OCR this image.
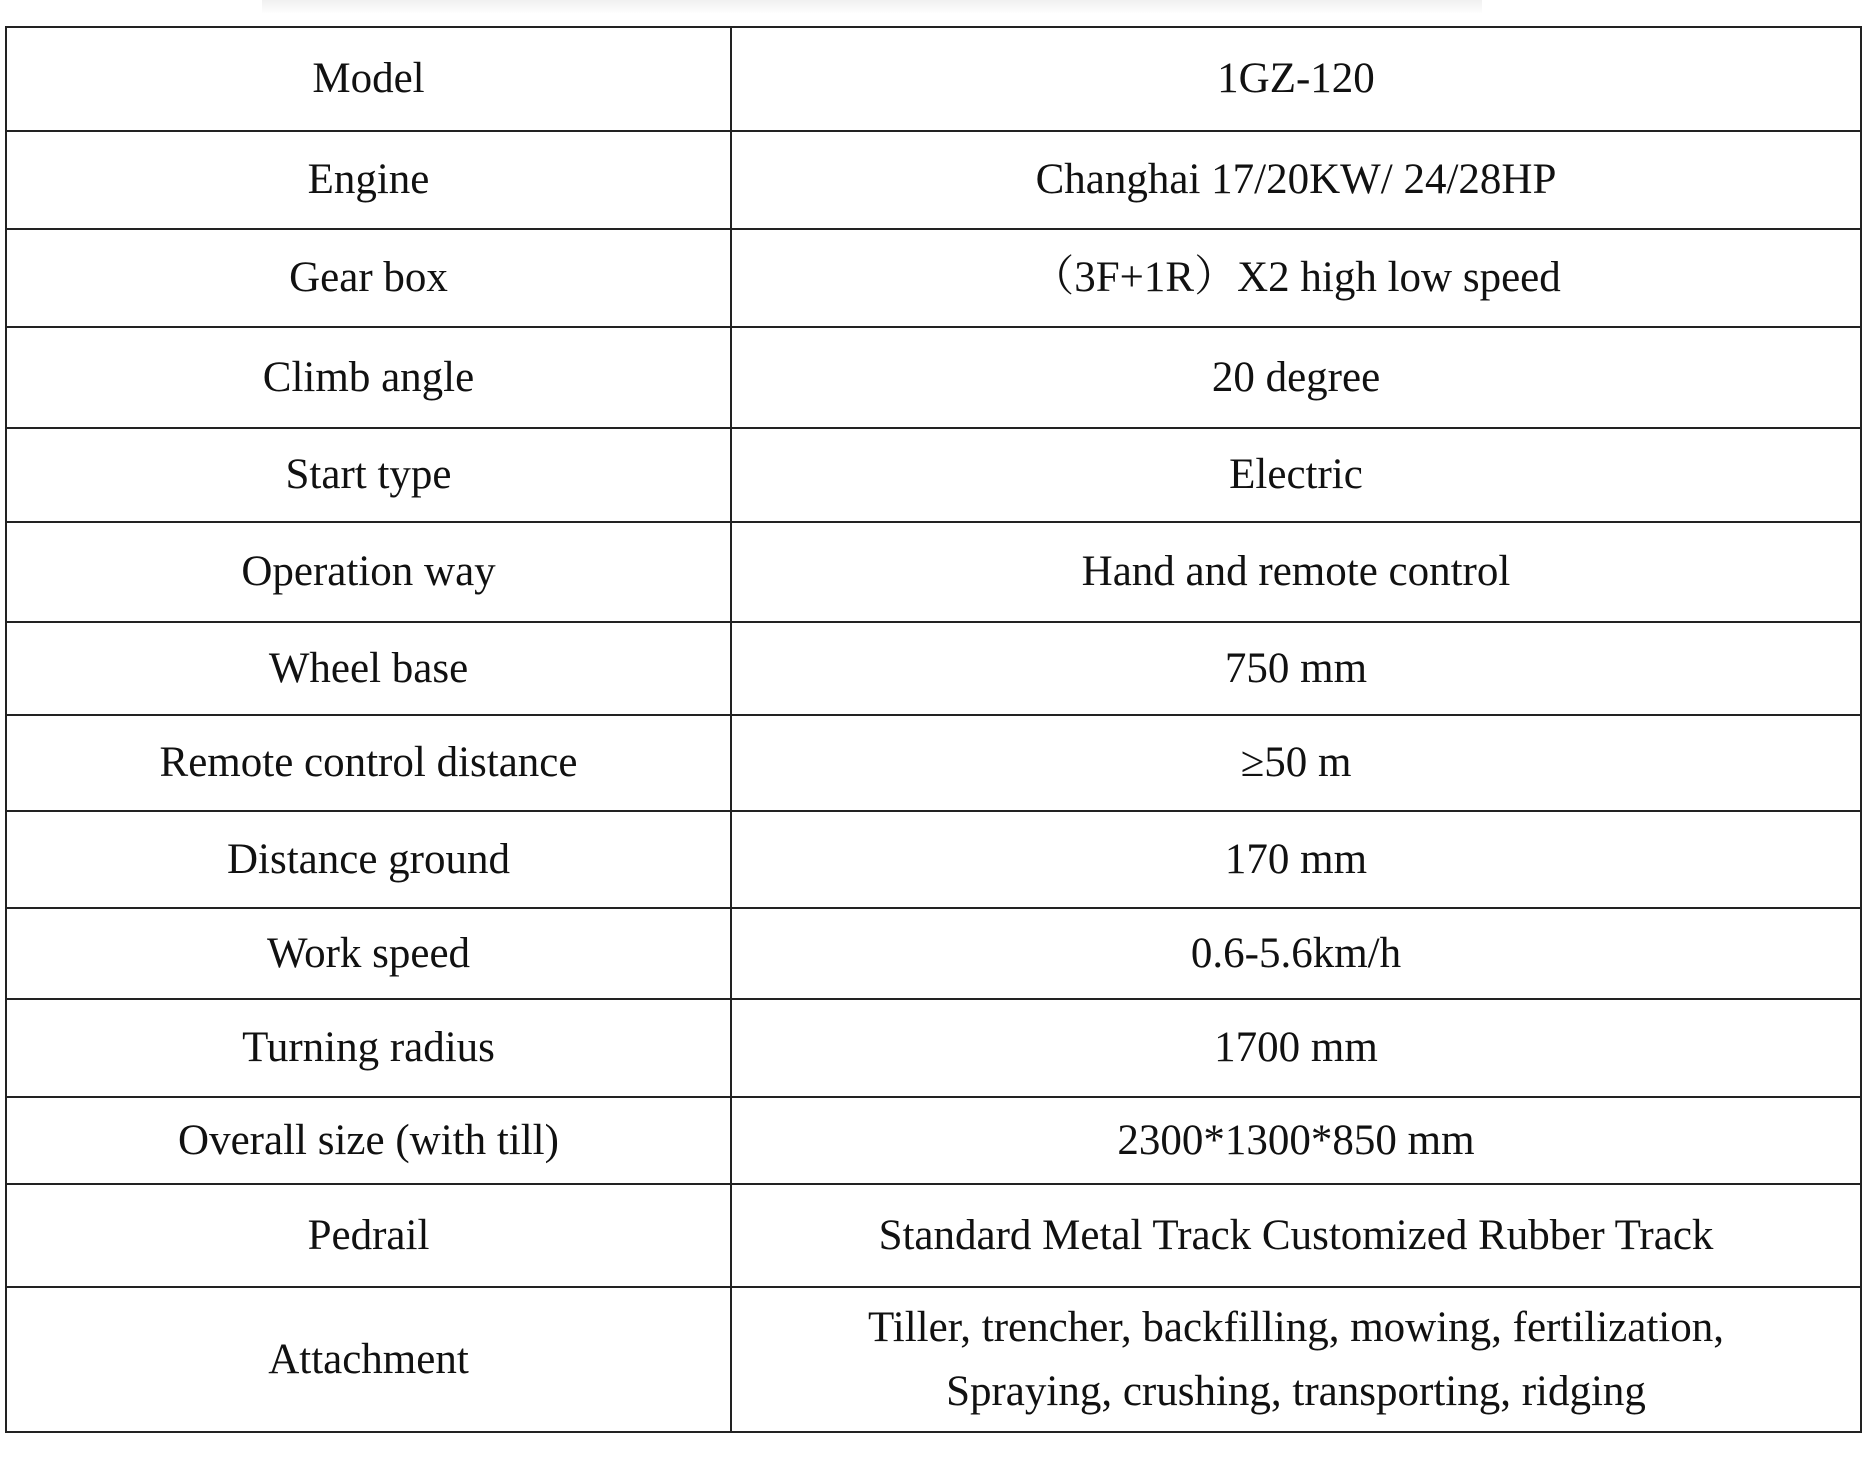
Model	1GZ-120

Engine	Changhai 17/20KW/ 24/28HP

Gear box	（3F+1R）X2 high low speed

Climb angle	20 degree

Start type	Electric

Operation way	Hand and remote control

Wheel base	750 mm

Remote control distance	≥50 m

Distance ground	170 mm

Work speed	0.6-5.6km/h

Turning radius	1700 mm

Overall size (with till)	2300*1300*850 mm

Pedrail	Standard Metal Track Customized Rubber Track

Attachment	Tiller, trencher, backfilling, mowing, fertilization,
Spraying, crushing, transporting, ridging
